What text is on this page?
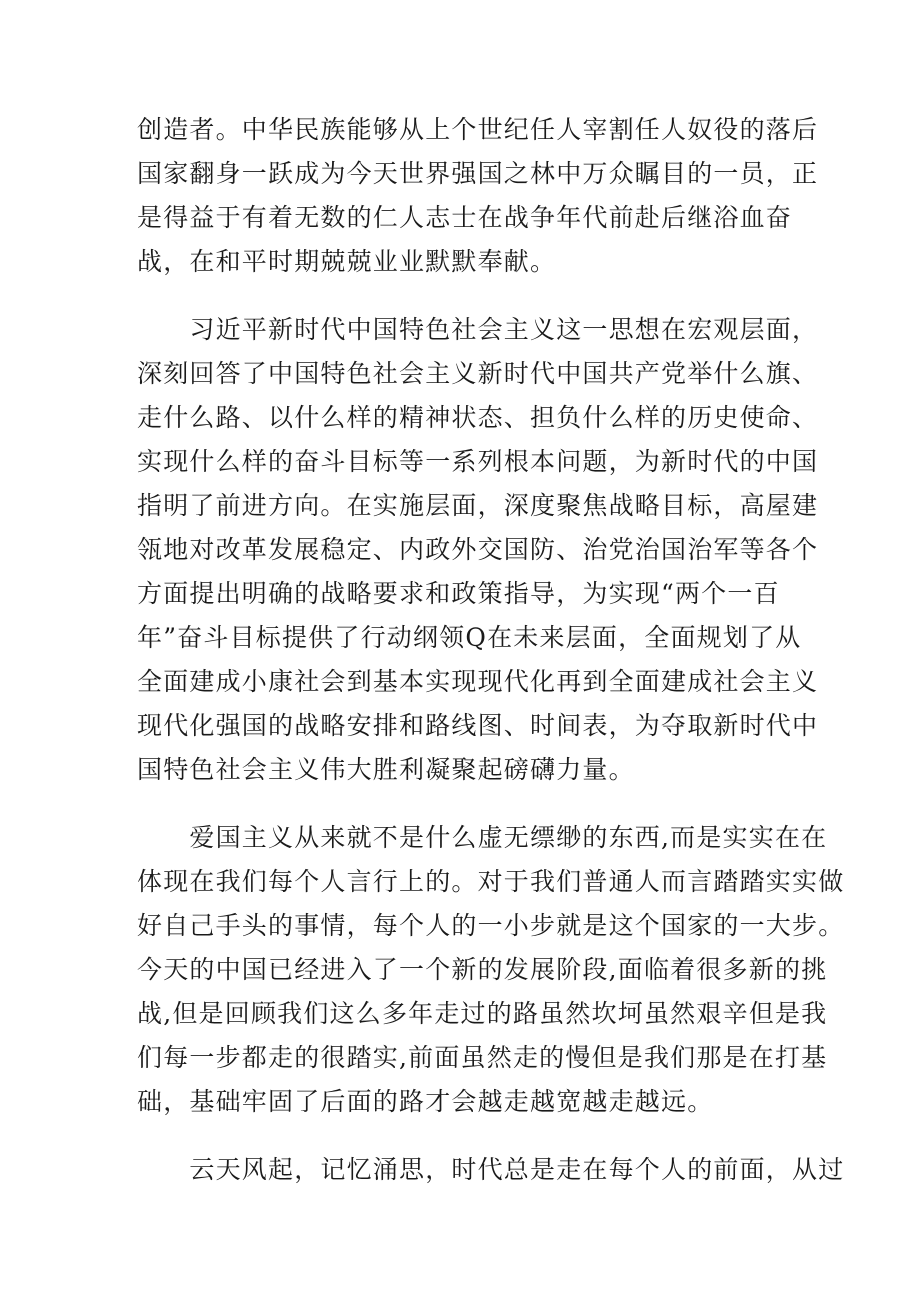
创造者。中华民族能够从上个世纪任人宰割任人奴役的落后
国家翻身一跃成为今天世界强国之林中万众瞩目的一员，正
是得益于有着无数的仁人志士在战争年代前赴后继浴血奋
战，在和平时期兢兢业业默默奉献。

　　习近平新时代中国特色社会主义这一思想在宏观层面，
深刻回答了中国特色社会主义新时代中国共产党举什么旗、
走什么路、以什么样的精神状态、担负什么样的历史使命、
实现什么样的奋斗目标等一系列根本问题，为新时代的中国
指明了前进方向。在实施层面，深度聚焦战略目标，高屋建
瓴地对改革发展稳定、内政外交国防、治党治国治军等各个
方面提出明确的战略要求和政策指导，为实现“两个一百
年”奋斗目标提供了行动纲领Q在未来层面，全面规划了从
全面建成小康社会到基本实现现代化再到全面建成社会主义
现代化强国的战略安排和路线图、时间表，为夺取新时代中
国特色社会主义伟大胜利凝聚起磅礴力量。

　　爱国主义从来就不是什么虚无缥缈的东西,而是实实在在
体现在我们每个人言行上的。对于我们普通人而言踏踏实实做
好自己手头的事情，每个人的一小步就是这个国家的一大步。
今天的中国已经进入了一个新的发展阶段,面临着很多新的挑
战,但是回顾我们这么多年走过的路虽然坎坷虽然艰辛但是我
们每一步都走的很踏实,前面虽然走的慢但是我们那是在打基
础，基础牢固了后面的路才会越走越宽越走越远。

　　云天风起，记忆涌思，时代总是走在每个人的前面，从过
